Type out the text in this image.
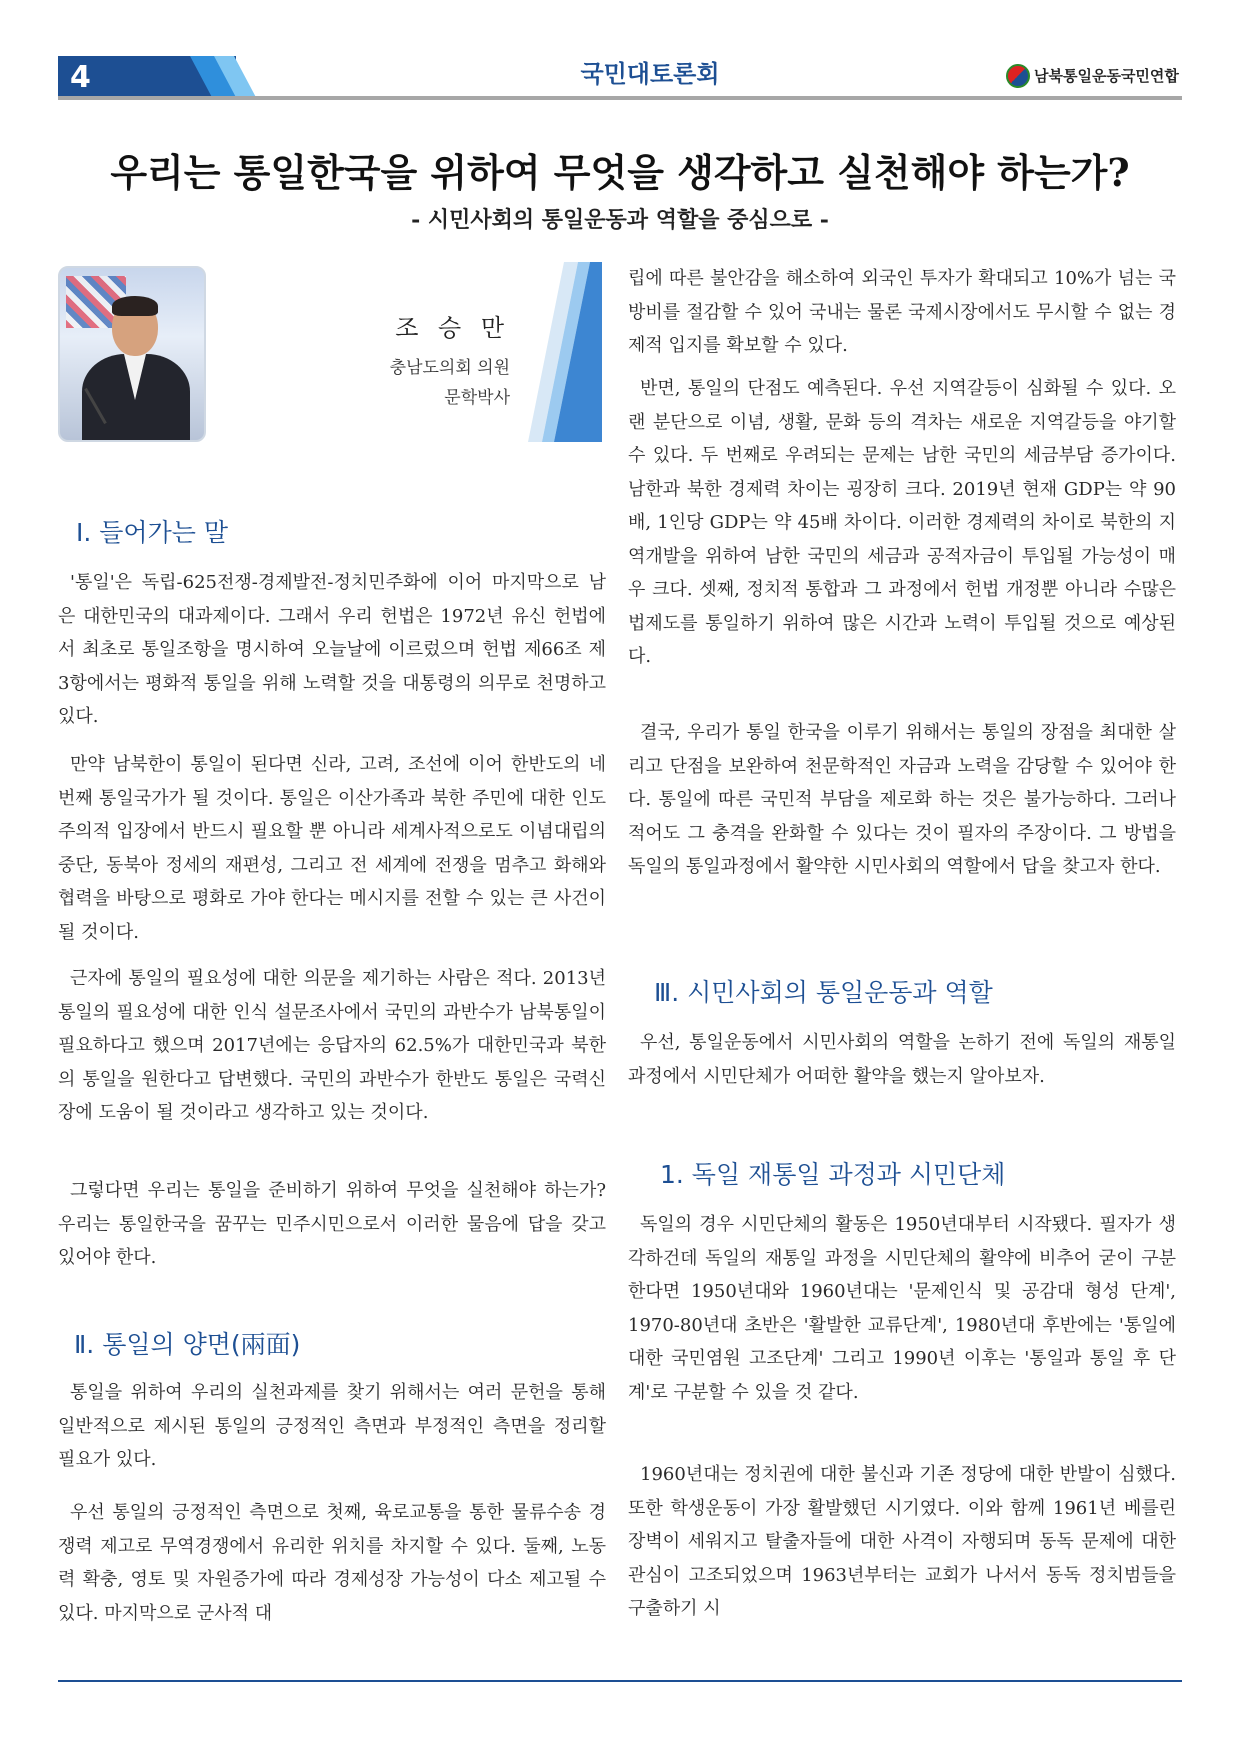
4	국민대토론회	남북통일운동국민연합
우리는 통일한국을 위하여 무엇을 생각하고 실천해야 하는가?
- 시민사회의 통일운동과 역할을 중심으로 -
조 승 만
충남도의회 의원
문학박사
Ⅰ. 들어가는 말
'통일'은 독립-625전쟁-경제발전-정치민주화에 이어 마지막으로 남은 대한민국의 대과제이다. 그래서 우리 헌법은 1972년 유신 헌법에서 최초로 통일조항을 명시하여 오늘날에 이르렀으며 헌법 제66조 제3항에서는 평화적 통일을 위해 노력할 것을 대통령의 의무로 천명하고 있다.
만약 남북한이 통일이 된다면 신라, 고려, 조선에 이어 한반도의 네 번째 통일국가가 될 것이다. 통일은 이산가족과 북한 주민에 대한 인도주의적 입장에서 반드시 필요할 뿐 아니라 세계사적으로도 이념대립의 중단, 동북아 정세의 재편성, 그리고 전 세계에 전쟁을 멈추고 화해와 협력을 바탕으로 평화로 가야 한다는 메시지를 전할 수 있는 큰 사건이 될 것이다.
근자에 통일의 필요성에 대한 의문을 제기하는 사람은 적다. 2013년 통일의 필요성에 대한 인식 설문조사에서 국민의 과반수가 남북통일이 필요하다고 했으며 2017년에는 응답자의 62.5%가 대한민국과 북한의 통일을 원한다고 답변했다. 국민의 과반수가 한반도 통일은 국력신장에 도움이 될 것이라고 생각하고 있는 것이다.
그렇다면 우리는 통일을 준비하기 위하여 무엇을 실천해야 하는가? 우리는 통일한국을 꿈꾸는 민주시민으로서 이러한 물음에 답을 갖고 있어야 한다.
Ⅱ. 통일의 양면(兩面)
통일을 위하여 우리의 실천과제를 찾기 위해서는 여러 문헌을 통해 일반적으로 제시된 통일의 긍정적인 측면과 부정적인 측면을 정리할 필요가 있다.
우선 통일의 긍정적인 측면으로 첫째, 육로교통을 통한 물류수송 경쟁력 제고로 무역경쟁에서 유리한 위치를 차지할 수 있다. 둘째, 노동력 확충, 영토 및 자원증가에 따라 경제성장 가능성이 다소 제고될 수 있다. 마지막으로 군사적 대
립에 따른 불안감을 해소하여 외국인 투자가 확대되고 10%가 넘는 국방비를 절감할 수 있어 국내는 물론 국제시장에서도 무시할 수 없는 경제적 입지를 확보할 수 있다.
반면, 통일의 단점도 예측된다. 우선 지역갈등이 심화될 수 있다. 오랜 분단으로 이념, 생활, 문화 등의 격차는 새로운 지역갈등을 야기할 수 있다. 두 번째로 우려되는 문제는 남한 국민의 세금부담 증가이다. 남한과 북한 경제력 차이는 굉장히 크다. 2019년 현재 GDP는 약 90배, 1인당 GDP는 약 45배 차이다. 이러한 경제력의 차이로 북한의 지역개발을 위하여 남한 국민의 세금과 공적자금이 투입될 가능성이 매우 크다. 셋째, 정치적 통합과 그 과정에서 헌법 개정뿐 아니라 수많은 법제도를 통일하기 위하여 많은 시간과 노력이 투입될 것으로 예상된다.
결국, 우리가 통일 한국을 이루기 위해서는 통일의 장점을 최대한 살리고 단점을 보완하여 천문학적인 자금과 노력을 감당할 수 있어야 한다. 통일에 따른 국민적 부담을 제로화 하는 것은 불가능하다. 그러나 적어도 그 충격을 완화할 수 있다는 것이 필자의 주장이다. 그 방법을 독일의 통일과정에서 활약한 시민사회의 역할에서 답을 찾고자 한다.
Ⅲ. 시민사회의 통일운동과 역할
우선, 통일운동에서 시민사회의 역할을 논하기 전에 독일의 재통일 과정에서 시민단체가 어떠한 활약을 했는지 알아보자.
1. 독일 재통일 과정과 시민단체
독일의 경우 시민단체의 활동은 1950년대부터 시작됐다. 필자가 생각하건데 독일의 재통일 과정을 시민단체의 활약에 비추어 굳이 구분한다면 1950년대와 1960년대는 '문제인식 및 공감대 형성 단계', 1970-80년대 초반은 '활발한 교류단계', 1980년대 후반에는 '통일에 대한 국민염원 고조단계' 그리고 1990년 이후는 '통일과 통일 후 단계'로 구분할 수 있을 것 같다.
1960년대는 정치권에 대한 불신과 기존 정당에 대한 반발이 심했다. 또한 학생운동이 가장 활발했던 시기였다. 이와 함께 1961년 베를린 장벽이 세워지고 탈출자들에 대한 사격이 자행되며 동독 문제에 대한 관심이 고조되었으며 1963년부터는 교회가 나서서 동독 정치범들을 구출하기 시
